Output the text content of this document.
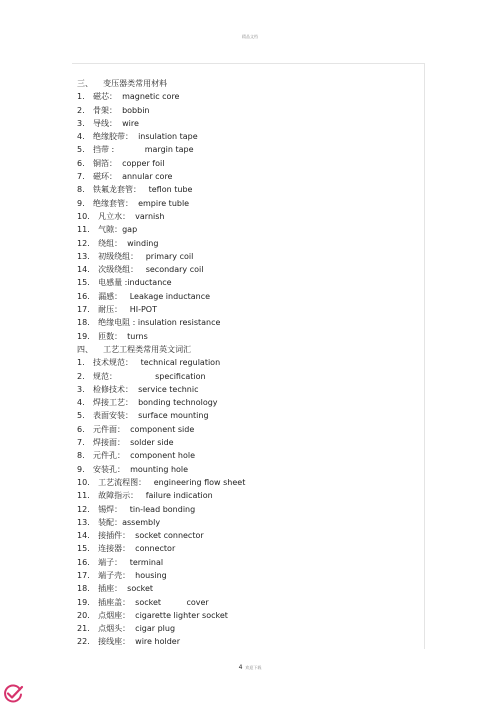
精品文档
三、    变压器类常用材料
1. 磁芯：  magnetic core
2. 骨架：  bobbin
3. 导线：  wire
4. 绝缘胶带：  insulation tape
5. 挡带 :            margin tape
6. 铜箔：  copper foil
7. 磁环：  annular core
8. 铁氟龙套管：   teflon tube
9. 绝缘套管：  empire tuble
10. 凡立水：  varnish
11. 气隙：gap
12. 绕组：  winding
13. 初级绕组：   primary coil
14. 次级绕组：   secondary coil
15. 电感量 :inductance
16. 漏感：   Leakage inductance
17. 耐压：   HI-POT
18. 绝缘电阻 : insulation resistance
19. 匝数：  turns
四、    工艺工程类常用英文词汇
1. 技术规范：   technical regulation
2. 规范：               specification
3. 检修技术：  service technic
4. 焊接工艺：  bonding technology
5. 表面安装：  surface mounting
6. 元件面：  component side
7. 焊接面：  solder side
8. 元件孔：  component hole
9. 安装孔：  mounting hole
10. 工艺流程图：   engineering flow sheet
11. 故障指示：   failure indication
12. 锡焊：   tin-lead bonding
13. 装配：assembly
14. 接插件：  socket connector
15. 连接器：  connector
16. 端子：   terminal
17. 端子壳：  housing
18. 插座：  socket
19. 插座盖：  socket          cover
20. 点烟座：  cigarette lighter socket
21. 点烟头：  cigar plug
22. 接线座：  wire holder
4 欢迎下载
